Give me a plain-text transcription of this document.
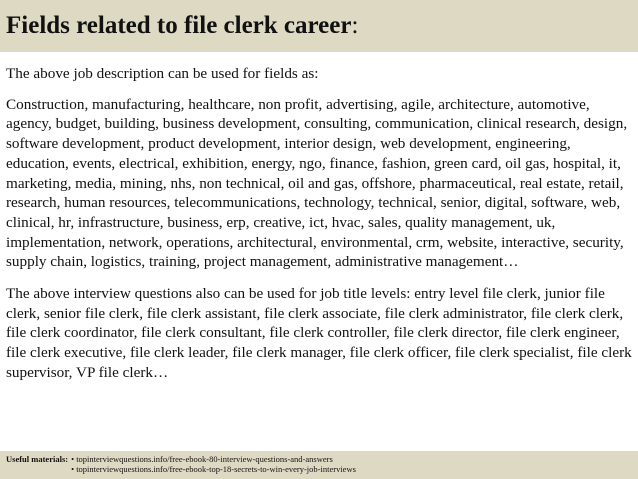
Fields related to file clerk career:

The above job description can be used for fields as:

Construction, manufacturing, healthcare, non profit, advertising, agile, architecture, automotive, agency, budget, building, business development, consulting, communication, clinical research, design, software development, product development, interior design, web development, engineering, education, events, electrical, exhibition, energy, ngo, finance, fashion, green card, oil gas, hospital, it, marketing, media, mining, nhs, non technical, oil and gas, offshore, pharmaceutical, real estate, retail, research, human resources, telecommunications, technology, technical, senior, digital, software, web, clinical, hr, infrastructure, business, erp, creative, ict, hvac, sales, quality management, uk, implementation, network, operations, architectural, environmental, crm, website, interactive, security, supply chain, logistics, training, project management, administrative management…

The above interview questions also can be used for job title levels: entry level file clerk, junior file clerk, senior file clerk, file clerk assistant, file clerk associate, file clerk administrator, file clerk clerk, file clerk coordinator, file clerk consultant, file clerk controller, file clerk director, file clerk engineer, file clerk executive, file clerk leader, file clerk manager, file clerk officer, file clerk specialist, file clerk supervisor, VP file clerk…

Useful materials: • topinterviewquestions.info/free-ebook-80-interview-questions-and-answers
• topinterviewquestions.info/free-ebook-top-18-secrets-to-win-every-job-interviews
